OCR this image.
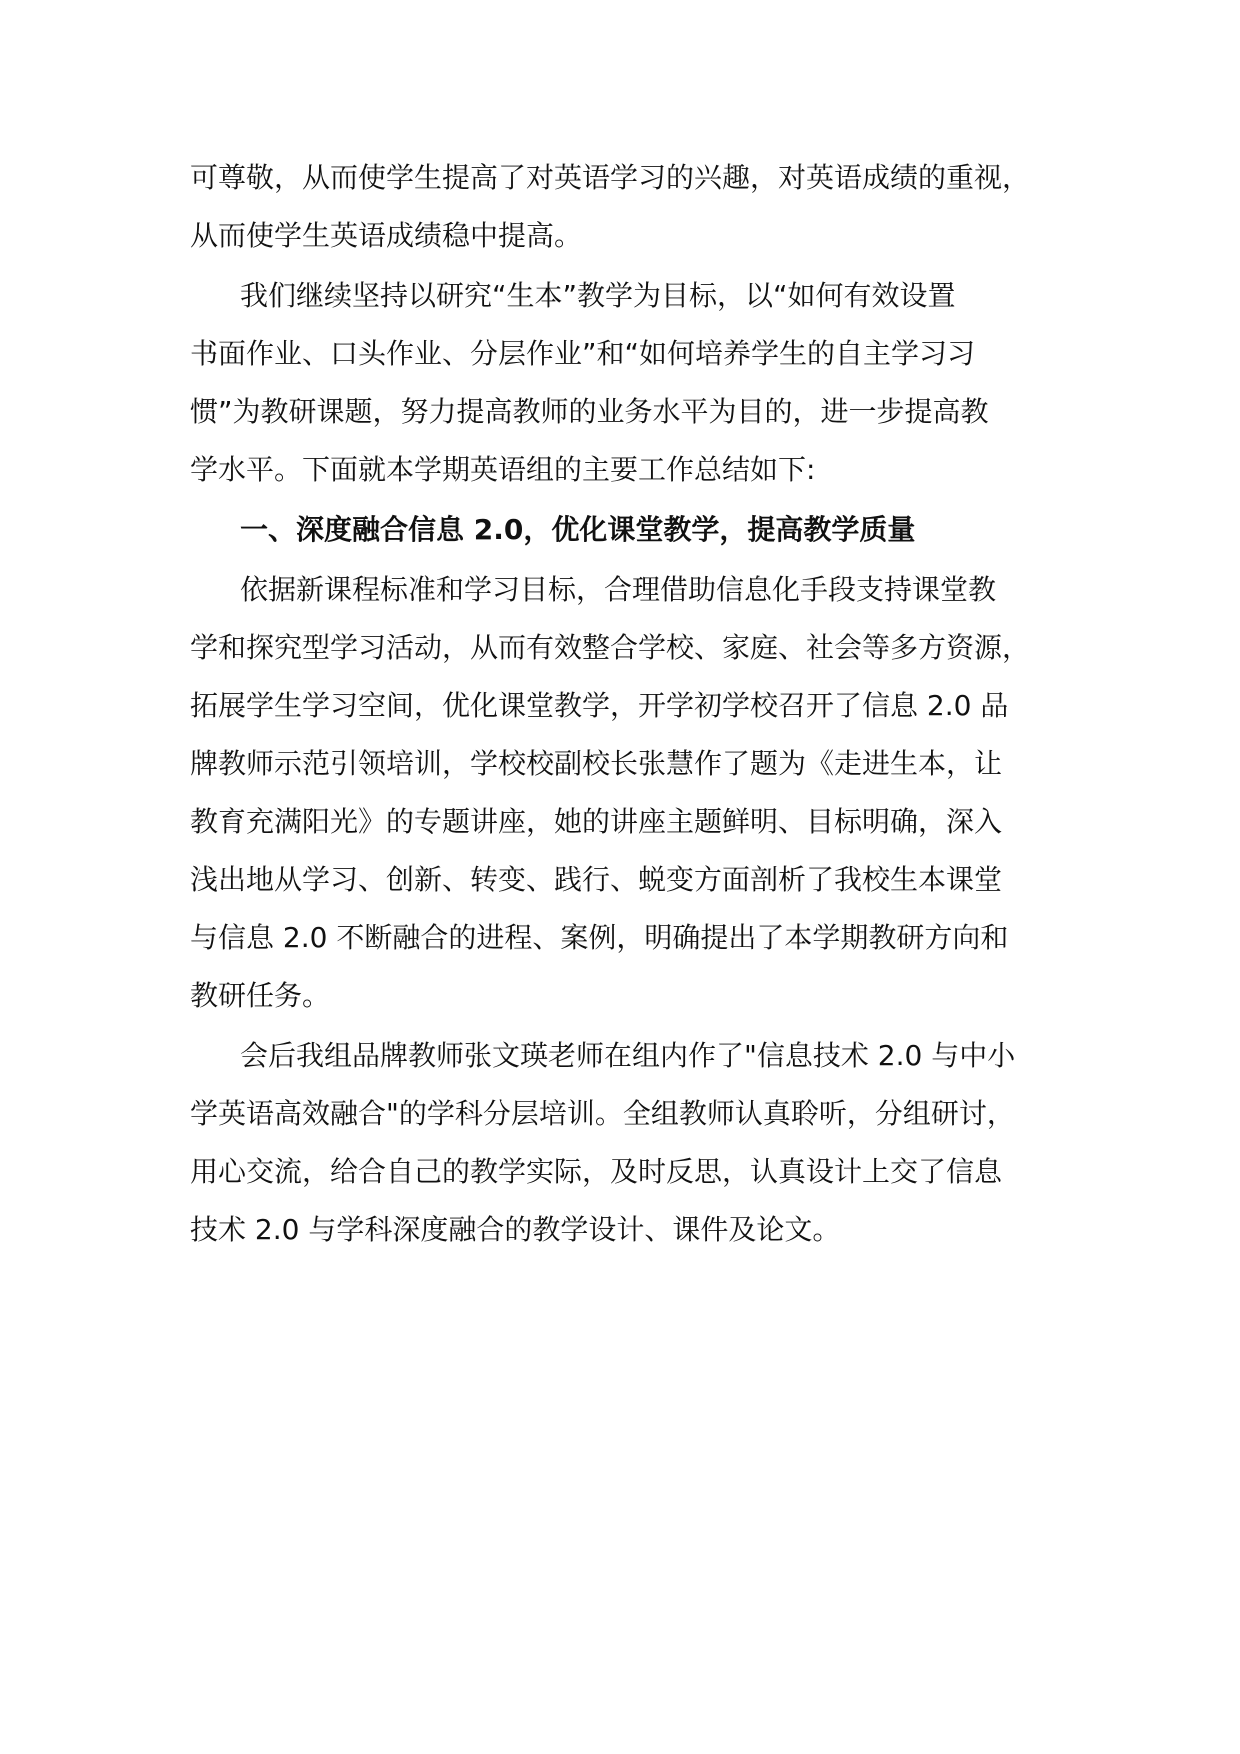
可尊敬，从而使学生提高了对英语学习的兴趣，对英语成绩的重视，
从而使学生英语成绩稳中提高。
我们继续坚持以研究“生本”教学为目标，以“如何有效设置
书面作业、口头作业、分层作业”和“如何培养学生的自主学习习
惯”为教研课题，努力提高教师的业务水平为目的，进一步提高教
学水平。下面就本学期英语组的主要工作总结如下:
一、深度融合信息 2.0，优化课堂教学，提高教学质量
依据新课程标准和学习目标，合理借助信息化手段支持课堂教
学和探究型学习活动，从而有效整合学校、家庭、社会等多方资源，
拓展学生学习空间，优化课堂教学，开学初学校召开了信息 2.0 品
牌教师示范引领培训，学校校副校长张慧作了题为《走进生本，让
教育充满阳光》的专题讲座，她的讲座主题鲜明、目标明确，深入
浅出地从学习、创新、转变、践行、蜕变方面剖析了我校生本课堂
与信息 2.0 不断融合的进程、案例，明确提出了本学期教研方向和
教研任务。
会后我组品牌教师张文瑛老师在组内作了"信息技术 2.0 与中小
学英语高效融合"的学科分层培训。全组教师认真聆听，分组研讨，
用心交流，给合自己的教学实际，及时反思，认真设计上交了信息
技术 2.0 与学科深度融合的教学设计、课件及论文。
